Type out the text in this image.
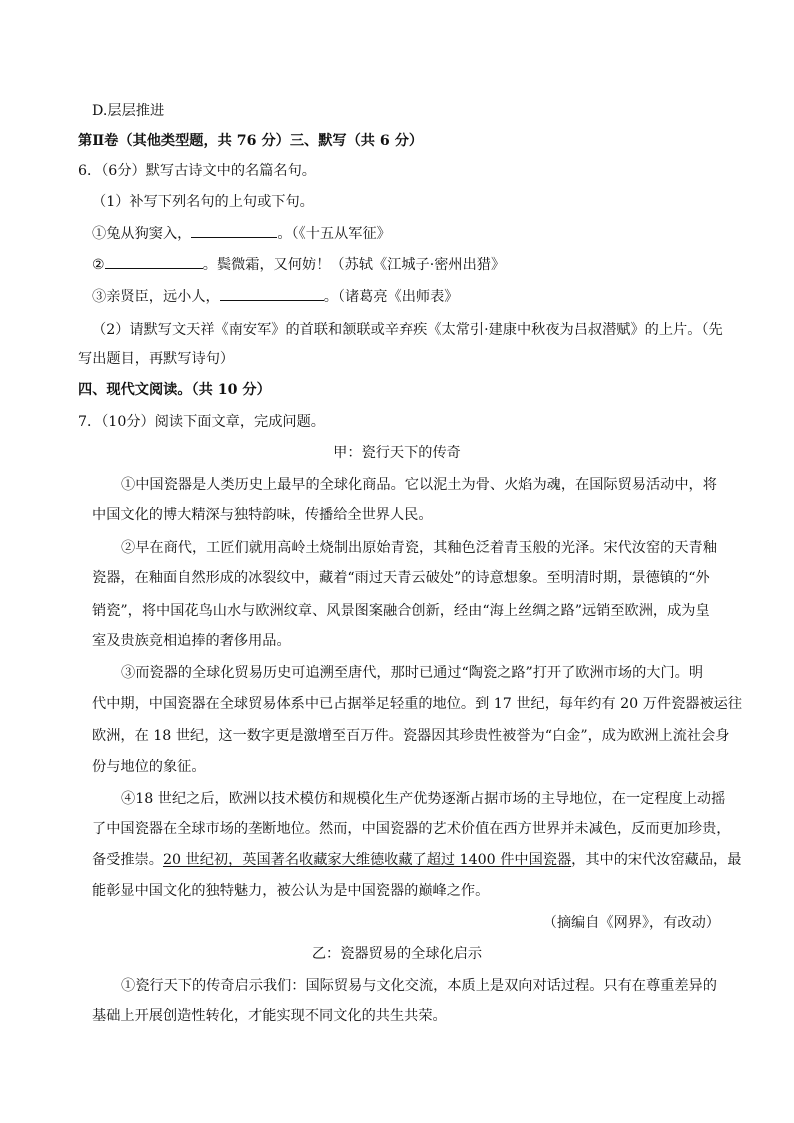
D.层层推进
第Ⅱ卷（其他类型题，共 76 分）三、默写（共 6 分）
6．（6分）默写古诗文中的名篇名句。
（1）补写下列名句的上句或下句。
①兔从狗窦入，	。（《十五从军征》
②	。鬓微霜，又何妨！（苏轼《江城子·密州出猎》
③亲贤臣，远小人，	。（诸葛亮《出师表》
（2）请默写文天祥《南安军》的首联和颔联或辛弃疾《太常引·建康中秋夜为吕叔潜赋》的上片。（先
写出题目，再默写诗句）
四、现代文阅读。（共 10 分）
7．（10分）阅读下面文章，完成问题。
甲：瓷行天下的传奇
①中国瓷器是人类历史上最早的全球化商品。它以泥土为骨、火焰为魂，在国际贸易活动中，将
中国文化的博大精深与独特韵味，传播给全世界人民。
②早在商代，工匠们就用高岭土烧制出原始青瓷，其釉色泛着青玉般的光泽。宋代汝窑的天青釉
瓷器，在釉面自然形成的冰裂纹中，藏着“雨过天青云破处”的诗意想象。至明清时期，景德镇的“外
销瓷”，将中国花鸟山水与欧洲纹章、风景图案融合创新，经由“海上丝绸之路”远销至欧洲，成为皇
室及贵族竞相追捧的奢侈用品。
③而瓷器的全球化贸易历史可追溯至唐代，那时已通过“陶瓷之路”打开了欧洲市场的大门。明
代中期，中国瓷器在全球贸易体系中已占据举足轻重的地位。到 17 世纪，每年约有 20 万件瓷器被运往
欧洲，在 18 世纪，这一数字更是激增至百万件。瓷器因其珍贵性被誉为“白金”，成为欧洲上流社会身
份与地位的象征。
④18 世纪之后，欧洲以技术模仿和规模化生产优势逐渐占据市场的主导地位，在一定程度上动摇
了中国瓷器在全球市场的垄断地位。然而，中国瓷器的艺术价值在西方世界并未减色，反而更加珍贵，
备受推崇。20 世纪初，英国著名收藏家大维德收藏了超过 1400 件中国瓷器，其中的宋代汝窑藏品，最
能彰显中国文化的独特魅力，被公认为是中国瓷器的巅峰之作。
（摘编自《网界》，有改动）
乙：瓷器贸易的全球化启示
①瓷行天下的传奇启示我们：国际贸易与文化交流，本质上是双向对话过程。只有在尊重差异的
基础上开展创造性转化，才能实现不同文化的共生共荣。
